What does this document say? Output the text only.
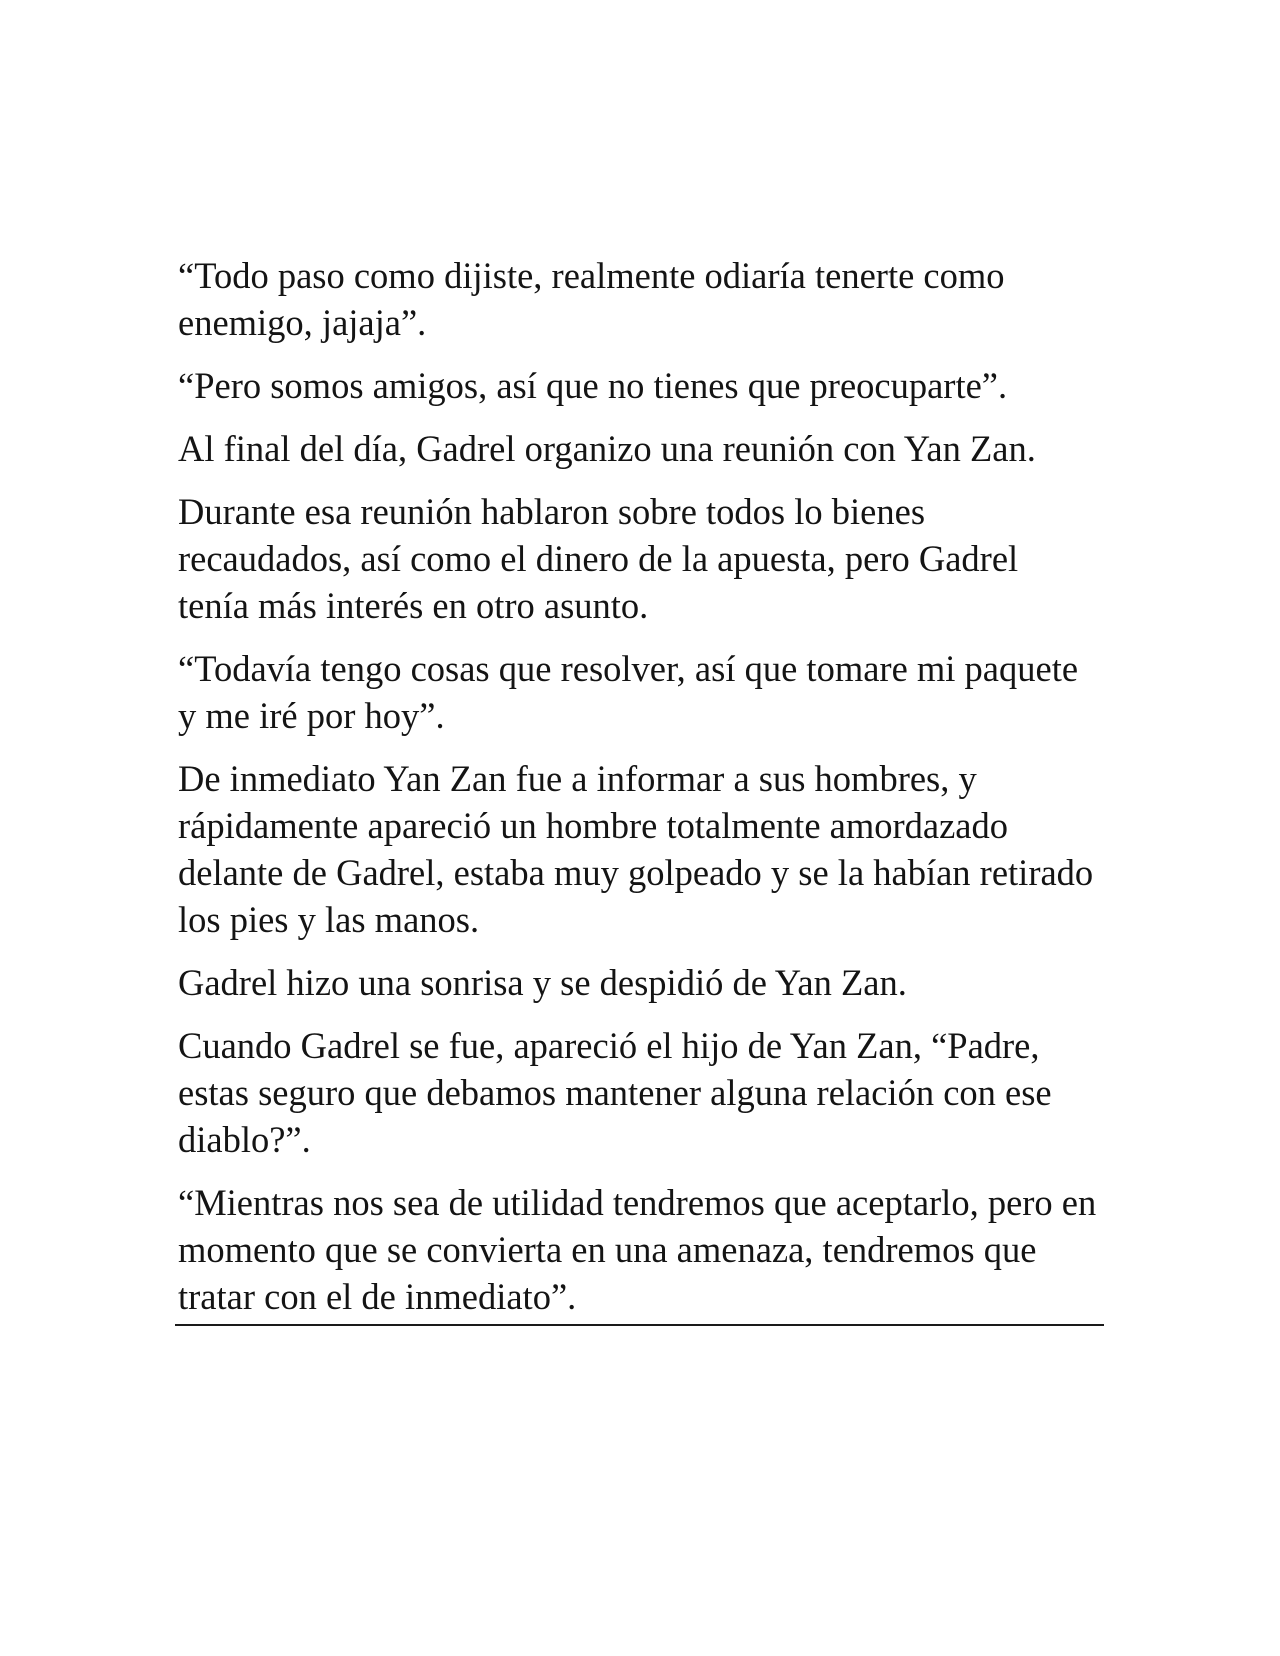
“Todo paso como dijiste, realmente odiaría tenerte como enemigo, jajaja”.

“Pero somos amigos, así que no tienes que preocuparte”.

Al final del día, Gadrel organizo una reunión con Yan Zan.

Durante esa reunión hablaron sobre todos lo bienes recaudados, así como el dinero de la apuesta, pero Gadrel tenía más interés en otro asunto.

“Todavía tengo cosas que resolver, así que tomare mi paquete y me iré por hoy”.

De inmediato Yan Zan fue a informar a sus hombres, y rápidamente apareció un hombre totalmente amordazado delante de Gadrel, estaba muy golpeado y se la habían retirado los pies y las manos.

Gadrel hizo una sonrisa y se despidió de Yan Zan.

Cuando Gadrel se fue, apareció el hijo de Yan Zan, “Padre, estas seguro que debamos mantener alguna relación con ese diablo?”.

“Mientras nos sea de utilidad tendremos que aceptarlo, pero en momento que se convierta en una amenaza, tendremos que tratar con el de inmediato”.
